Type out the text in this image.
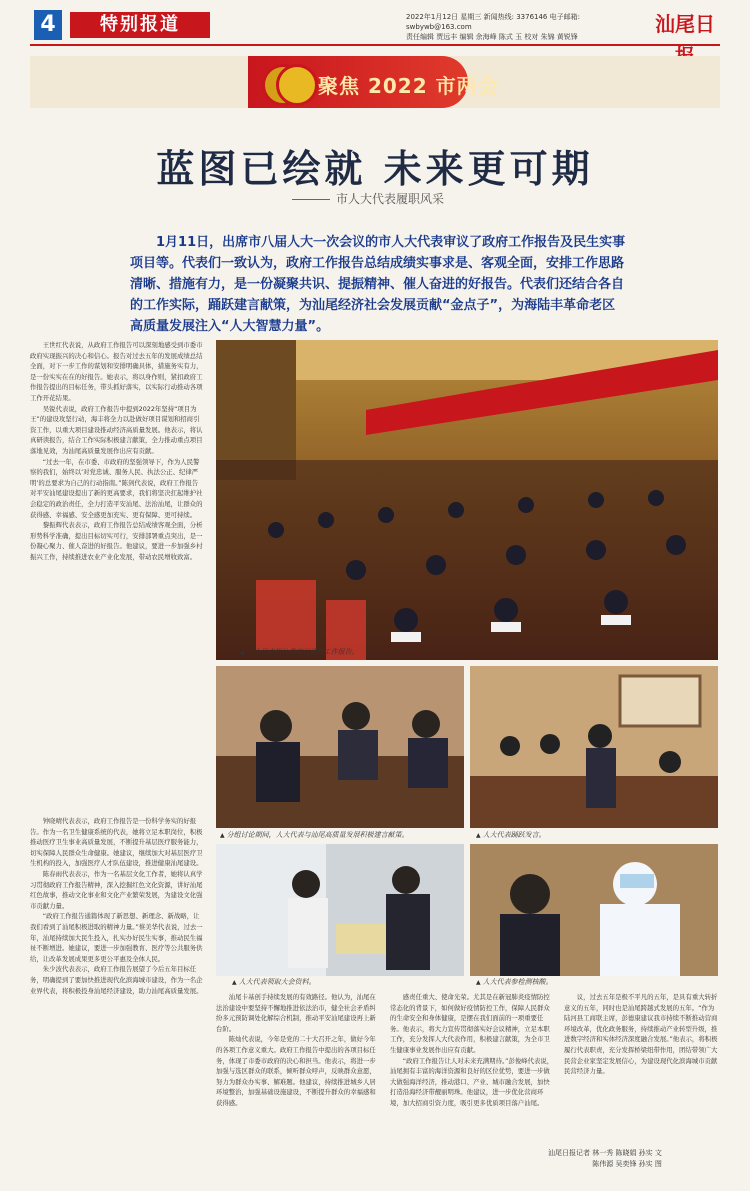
4	特别报道	2022年1月12日 星期三 新闻热线: 3376146 电子邮箱: swbywb@163.com
责任编辑 贾远丰 编辑 余海峰 陈式 玉 校对 朱锦 黄锐锋
汕尾日
聚焦 2022 市两会
蓝图已绘就 未来更可期
市人大代表履职风采
1月11日，出席市八届人大一次会议的市人大代表审议了政府工作报告及民生实事项目等。代表们一致认为，政府工作报告总结成绩实事求是、客观全面，安排工作思路清晰、措施有力，是一份凝聚共识、提振精神、催人奋进的好报告。代表们还结合各自的工作实际，踊跃建言献策，为汕尾经济社会发展贡献“金点子”，为海陆丰革命老区高质量发展注入“人大智慧力量”。

王世红代表说，从政府工作报告可以深刻地感受到市委市政府实现振兴的决心和信心。报告对过去五年的发展成绩总结全面，对下一步工作的谋划和安排明确具体，措施务实有力，是一份实实在在的好报告。她表示，将以身作则，紧扣政府工作报告提出的目标任务，带头抓好落实，以实际行动推动各项工作开花结果。

吴锐代表说，政府工作报告中提到2022年坚持“项目为王”的建设攻坚行动，海丰将全力以赴做好项目谋划和招商引资工作，以重大项目建设推动经济高质量发展。他表示，将认真研读报告，结合工作实际积极建言献策，全力推动重点项目落地见效，为汕尾高质量发展作出应有贡献。

“过去一年，在市委、市政府的坚强领导下，作为人民警察的我们，始终以‘对党忠诚、服务人民、执法公正、纪律严明’的总要求为自己的行动指南。”陈剑代表说，政府工作报告对平安汕尾建设提出了新的更高要求，我们将坚决扛起维护社会稳定的政治责任，全力打造平安汕尾、法治汕尾，让群众的获得感、幸福感、安全感更加充实、更有保障、更可持续。

黎振辉代表表示，政府工作报告总结成绩客观全面，分析形势科学准确，提出目标切实可行，安排部署重点突出，是一份凝心聚力、催人奋进的好报告。他建议，要进一步加强乡村振兴工作，持续推进农业产业化发展，带动农民增收致富。

钟晓晴代表表示，政府工作报告是一份科学务实的好报告。作为一名卫生健康系统的代表，她将立足本职岗位，积极推动医疗卫生事业高质量发展，不断提升基层医疗服务能力，切实保障人民群众生命健康。她建议，继续加大对基层医疗卫生机构的投入，加强医疗人才队伍建设，推进健康汕尾建设。

陈春雨代表表示，作为一名基层文化工作者，她将认真学习贯彻政府工作报告精神，深入挖掘红色文化资源，讲好汕尾红色故事，推动文化事业和文化产业繁荣发展，为建设文化强市贡献力量。

“政府工作报告通篇体现了新思想、新理念、新战略，让我们看到了汕尾积极进取的精神力量。”蔡美华代表说，过去一年，汕尾持续加大民生投入，扎实办好民生实事，推动民生福祉不断增进。她建议，要进一步加强教育、医疗等公共服务供给，让改革发展成果更多更公平惠及全体人民。

朱少波代表表示，政府工作报告展望了今后五年目标任务，明确提到了要加快推进现代化滨海城市建设，作为一名企业界代表，将积极投身汕尾经济建设，助力汕尾高质量发展。

▲ 人大代表们认真审议政府工作报告。
▲ 分组讨论期间，人大代表与汕尾高质量发展积极建言献策。	▲ 人大代表踊跃发言。
▲ 人大代表领取大会资料。	▲ 人大代表参检测核酸。

汕尾卡基创手持续发展的有效路径。他认为，汕尾在法治建设中要坚持不懈地推进依法治市，健全社会矛盾纠纷多元预防调处化解综合机制，推动平安汕尾建设再上新台阶。

陈灿代表说，今年是党的二十大召开之年，做好今年的各项工作意义重大。政府工作报告中提出的各项目标任务，体现了市委市政府的决心和担当。他表示，将进一步加强与选区群众的联系，倾听群众呼声，反映群众意愿，努力为群众办实事、解难题。他建议，持续推进城乡人居环境整治，加强基础设施建设，不断提升群众的幸福感和获得感。

感责任重大、使命光荣。尤其是在新冠肺炎疫情防控常态化的背景下，如何做好疫情防控工作，保障人民群众的生命安全和身体健康，是摆在我们面前的一项重要任务。他表示，将大力宣传贯彻落实好会议精神，立足本职工作，充分发挥人大代表作用，积极建言献策，为全市卫生健康事业发展作出应有贡献。

“政府工作报告让人对未来充满期待。”彭俊峰代表说，汕尾拥有丰富的海洋资源和良好的区位优势，要进一步做大做强海洋经济，推动港口、产业、城市融合发展，加快打造沿海经济带靓丽明珠。他建议，进一步优化营商环境，加大招商引资力度，吸引更多优质项目落户汕尾。

议，过去五年是极不平凡的五年，是具有重大转折意义的五年，同时也是汕尾跨越式发展的五年。“作为陆河县工商联主席，彭德康建议我市持续不断推动营商环境改革，优化政务服务，持续推动产业转型升级，推进数字经济和实体经济深度融合发展。”他表示，将积极履行代表职责，充分发挥桥梁纽带作用，团结带领广大民营企业家坚定发展信心，为建设现代化滨海城市贡献民营经济力量。

汕尾日报记者 林一秀 陈晓娟 孙实 文
陈伟源 吴奕锋 孙实 图
